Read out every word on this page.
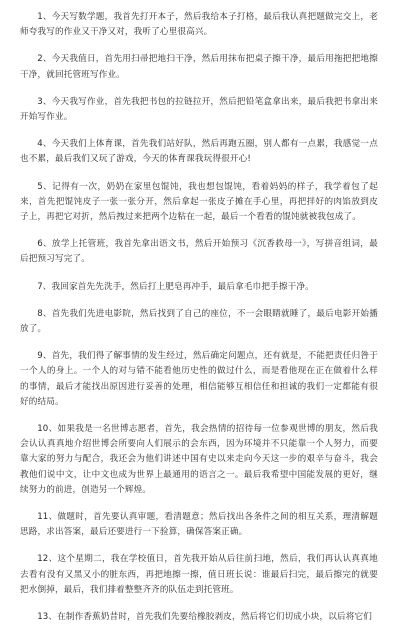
1、今天写数学题，我首先打开本子，然后我给本子打格，最后我认真把题做完交上，老师夸我写的作业又干净又对，我听了心里很高兴。

2、今天我值日，首先用扫帚把地扫干净，然后用抹布把桌子擦干净，最后用拖把把地擦干净，就回托管班写作业。

3、今天我写作业，首先我把书包的拉链拉开，然后把铅笔盒拿出来，最后我把书拿出来开始写作业。

4、今天我们上体育课，首先我们站好队，然后再跑五圈，别人都有一点累，我感觉一点也不累，最后我们又玩了游戏，今天的体育课我玩得很开心!

5、记得有一次，奶奶在家里包馄饨，我也想包馄饨，看着妈妈的样子，我学着包了起来，首先把馄饨皮子一张一张分开，然后拿起一张皮子摊在手心里，再把拌好的肉馅放到皮子上，再把它对折，然后拽过来把两个边粘在一起，最后一个看看的馄饨就被我包成了。

6、放学上托管班，我首先拿出语文书，然后开始预习《沉香救母一》，写拼音组词，最后把预习写完了。

7、我回家首先先洗手，然后打上肥皂再冲手，最后拿毛巾把手擦干净。

8、首先我们先进电影院，然后找到了自己的座位，不一会眼睛就睡了，最后电影开始播放了。

9、首先，我们得了解事情的发生经过，然后确定问题点，还有就是，不能把责任归咎于一个人的身上。一个人的对与错不能看他历史性的做过什么，而是看他现在正在做着什么样的事情，最后才能找出原因进行妥善的处理，相信能够互相信任和担诚的我们一定都能有很好的结局。

10、如果我是一名世博志愿者，首先，我会热情的招待每一位参观世博的朋友，然后我会认认真真地介绍世博会所要向人们展示的会东西，因为环境并不只能靠一个人努力，而要靠大家的努力与配合，我还会为他们讲述中国有史以来走向今天这一步的艰辛与奋斗，我会教他们说中文，让中文也成为世界上最通用的语言之一。最后我希望中国能发展的更好，继续努力的前进，创造另一个辉煌。

11、做题时，首先要认真审题，看清题意；然后找出各条件之间的相互关系，理清解题思路，求出答案，最后还要进行一下验算，确保答案正确。

12、这个星期二，我在学校值日，首先我开始从后往前扫地，然后，我们再认认真真地去看有没有又黑又小的脏东西，再把地擦一擦，值日班长说：谁最后扫完，最后擦完的就要把水倒掉，最后，我们排着整整齐齐的队伍走到托管班。

13、在制作香蕉奶昔时，首先我们先要给橡胶剥皮，然后将它们切成小块，以后将它们
